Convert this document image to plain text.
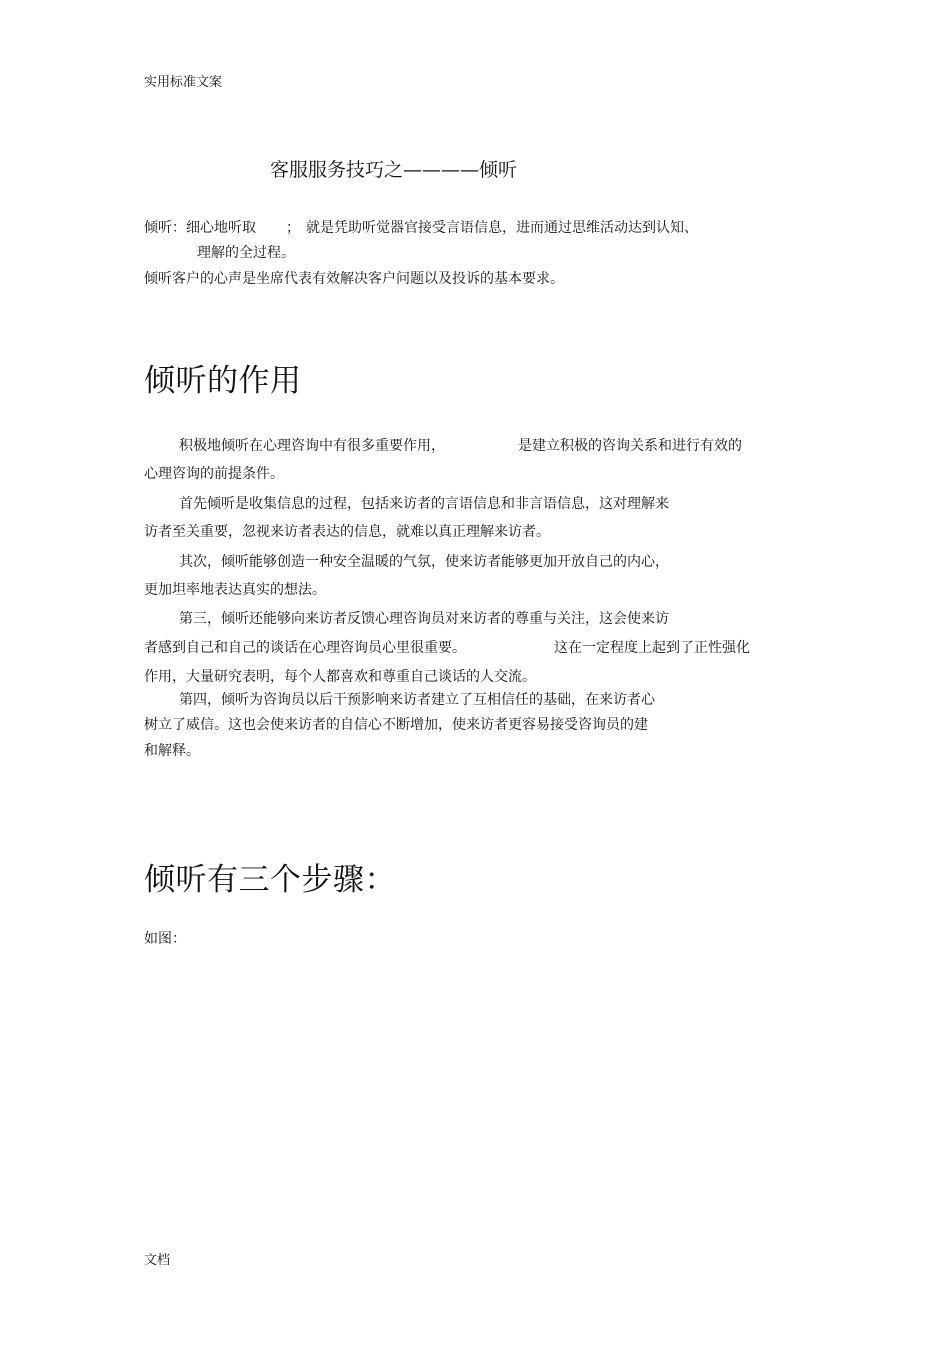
实用标准文案
客服服务技巧之————倾听
倾听：细心地听取 ； 就是凭助听觉器官接受言语信息，进而通过思维活动达到认知、
理解的全过程。
倾听客户的心声是坐席代表有效解决客户问题以及投诉的基本要求。
倾听的作用
积极地倾听在心理咨询中有很多重要作用，	是建立积极的咨询关系和进行有效的
心理咨询的前提条件。
首先倾听是收集信息的过程，包括来访者的言语信息和非言语信息，这对理解来
访者至关重要，忽视来访者表达的信息，就难以真正理解来访者。
其次，倾听能够创造一种安全温暖的气氛，使来访者能够更加开放自己的内心，
更加坦率地表达真实的想法。
第三，倾听还能够向来访者反馈心理咨询员对来访者的尊重与关注，这会使来访
者感到自己和自己的谈话在心理咨询员心里很重要。	这在一定程度上起到了正性强化
作用，大量研究表明，每个人都喜欢和尊重自己谈话的人交流。
第四，倾听为咨询员以后干预影响来访者建立了互相信任的基础，在来访者心
树立了威信。这也会使来访者的自信心不断增加，使来访者更容易接受咨询员的建
和解释。
倾听有三个步骤：
如图：
文档
